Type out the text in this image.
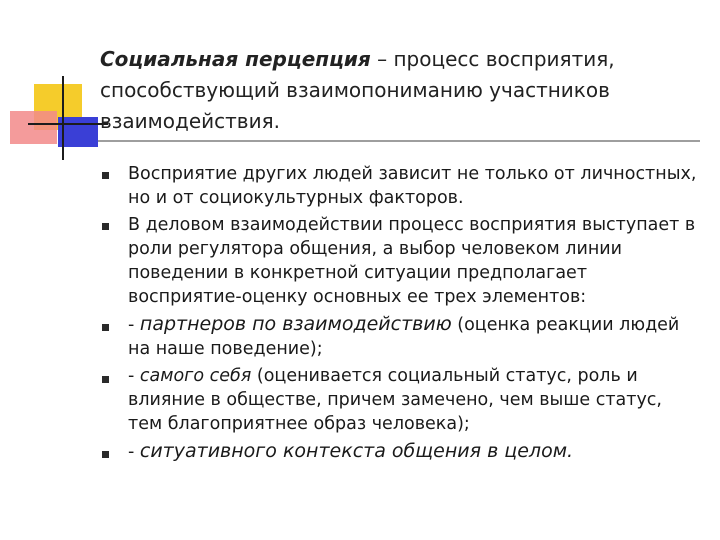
Социальная перцепция – процесс восприятия, способствующий взаимопониманию участников взаимодействия.
Восприятие других людей зависит не только от личностных, но и от социокультурных факторов.
В деловом взаимодействии процесс восприятия выступает в роли регулятора общения, а выбор человеком линии поведении в конкретной ситуации предполагает восприятие-оценку основных ее трех элементов:
- партнеров по взаимодействию (оценка реакции людей на наше поведение);
- самого себя (оценивается социальный статус, роль и влияние в обществе, причем замечено, чем выше статус, тем благоприятнее образ человека);
- ситуативного контекста общения в целом.
